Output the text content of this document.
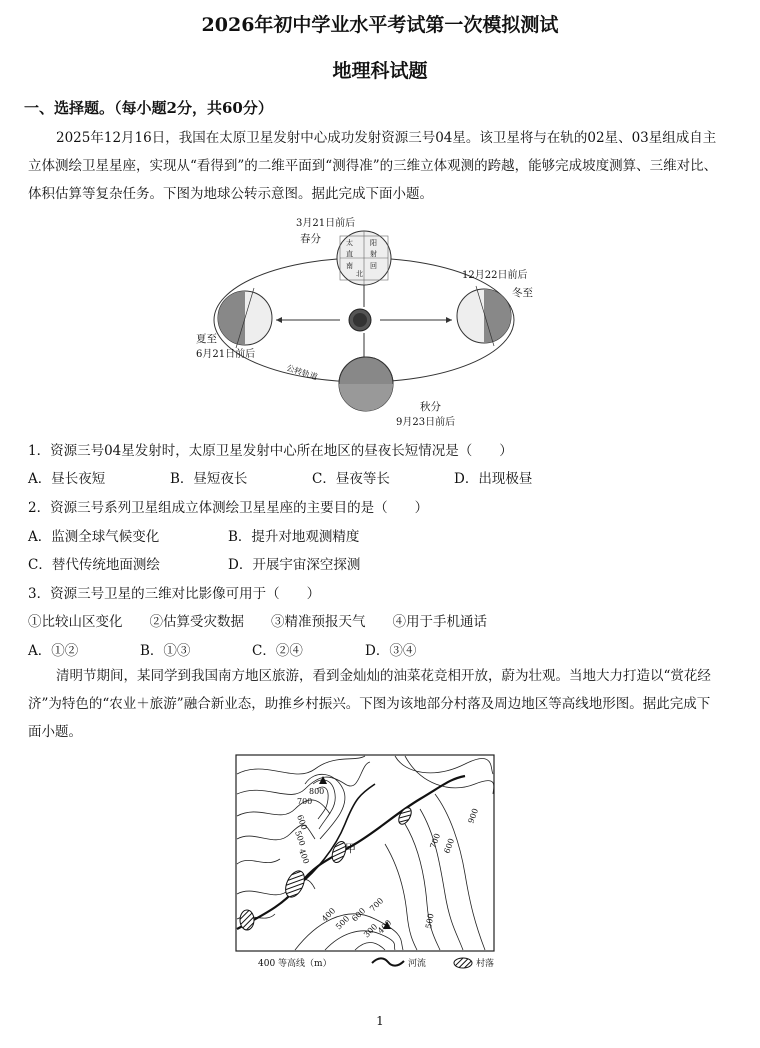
2026年初中学业水平考试第一次模拟测试
地理科试题
一、选择题。（每小题2分，共60分）
2025年12月16日，我国在太原卫星发射中心成功发射资源三号04星。该卫星将与在轨的02星、03星组成自主立体测绘卫星星座，实现从“看得到”的二维平面到“测得准”的三维立体观测的跨越，能够完成坡度测算、三维对比、体积估算等复杂任务。下图为地球公转示意图。据此完成下面小题。
太 阳
直 射
南 回
北
3月21日前后
春分
12月22日前后
冬至
夏至
6月21日前后
秋分
9月23日前后
公转轨道
1．资源三号04星发射时，太原卫星发射中心所在地区的昼夜长短情况是（　　）
A．昼长夜短	B．昼短夜长	C．昼夜等长	D．出现极昼
2．资源三号系列卫星组成立体测绘卫星星座的主要目的是（　　）
A．监测全球气候变化	B．提升对地观测精度
C．替代传统地面测绘	D．开展宇宙深空探测
3．资源三号卫星的三维对比影像可用于（　　）
①比较山区变化　　②估算受灾数据　　③精准预报天气　　④用于手机通话
A．①②	B．①③	C．②④	D．③④
清明节期间，某同学到我国南方地区旅游，看到金灿灿的油菜花竞相开放，蔚为壮观。当地大力打造以“赏花经济”为特色的“农业＋旅游”融合新业态，助推乡村振兴。下图为该地部分村落及周边地区等高线地形图。据此完成下面小题。
800
700
600
500
400
900
700 600
400
500
600
700
500
300
400
甲
400 等高线（m）	河流	村落
1
